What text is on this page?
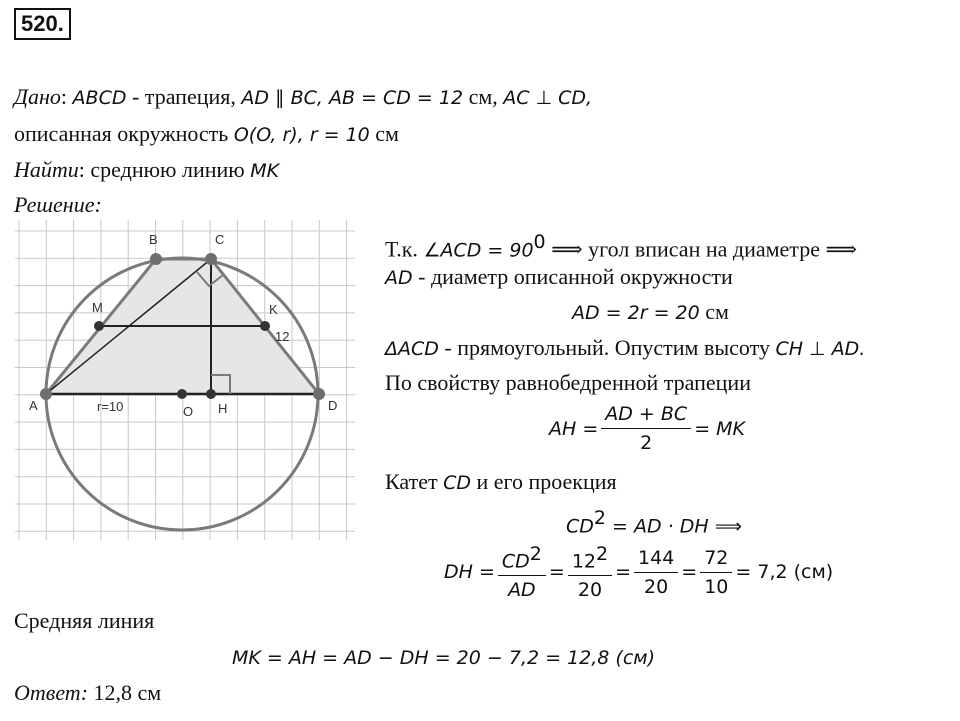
520.
Дано: ABCD - трапеция, AD ∥ BC, AB = CD = 12 см, AC ⊥ CD,
описанная окружность O(O, r), r = 10 см
Найти: среднюю линию MK
Решение:
A
B	C
D
M	K
12
r=10	O H
Т.к. ∠ACD = $90^0$ ⟹ угол вписан на диаметре ⟹
AD - диаметр описанной окружности
AD = 2r = 20 см
ΔACD - прямоугольный. Опустим высоту CH ⊥ AD.
По свойству равнобедренной трапеции
AH = $\frac{AD + BC}{2}$ = MK
Катет CD и его проекция
$CD^2$ = AD · DH ⟹
DH = $\frac{CD^2}{AD} = \frac{12^2}{20} = \frac{144}{20} = \frac{72}{10} = 7,2$ (см)
Средняя линия
MK = AH = AD − DH = 20 − 7,2 = 12,8 (см)
Ответ: 12,8 см
